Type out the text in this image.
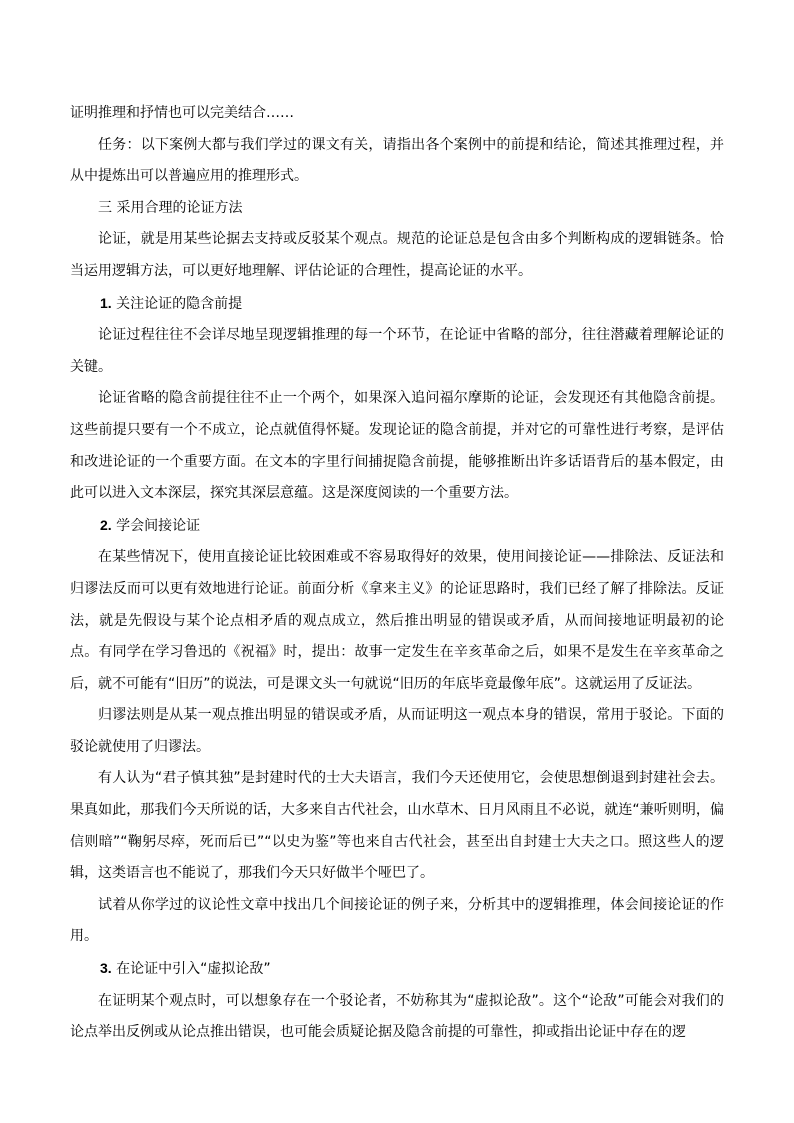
证明推理和抒情也可以完美结合……

任务：以下案例大都与我们学过的课文有关，请指出各个案例中的前提和结论，简述其推理过程，并从中提炼出可以普遍应用的推理形式。

三 采用合理的论证方法

论证，就是用某些论据去支持或反驳某个观点。规范的论证总是包含由多个判断构成的逻辑链条。恰当运用逻辑方法，可以更好地理解、评估论证的合理性，提高论证的水平。

1. 关注论证的隐含前提

论证过程往往不会详尽地呈现逻辑推理的每一个环节，在论证中省略的部分，往往潜藏着理解论证的关键。

论证省略的隐含前提往往不止一个两个，如果深入追问福尔摩斯的论证，会发现还有其他隐含前提。这些前提只要有一个不成立，论点就值得怀疑。发现论证的隐含前提，并对它的可靠性进行考察，是评估和改进论证的一个重要方面。在文本的字里行间捕捉隐含前提，能够推断出许多话语背后的基本假定，由此可以进入文本深层，探究其深层意蕴。这是深度阅读的一个重要方法。

2. 学会间接论证

在某些情况下，使用直接论证比较困难或不容易取得好的效果，使用间接论证——排除法、反证法和归谬法反而可以更有效地进行论证。前面分析《拿来主义》的论证思路时，我们已经了解了排除法。反证法，就是先假设与某个论点相矛盾的观点成立，然后推出明显的错误或矛盾，从而间接地证明最初的论点。有同学在学习鲁迅的《祝福》时，提出：故事一定发生在辛亥革命之后，如果不是发生在辛亥革命之后，就不可能有“旧历”的说法，可是课文头一句就说“旧历的年底毕竟最像年底”。这就运用了反证法。

归谬法则是从某一观点推出明显的错误或矛盾，从而证明这一观点本身的错误，常用于驳论。下面的驳论就使用了归谬法。

有人认为“君子慎其独”是封建时代的士大夫语言，我们今天还使用它，会使思想倒退到封建社会去。果真如此，那我们今天所说的话，大多来自古代社会，山水草木、日月风雨且不必说，就连“兼听则明，偏信则暗”“鞠躬尽瘁，死而后已”“以史为鉴”等也来自古代社会，甚至出自封建士大夫之口。照这些人的逻辑，这类语言也不能说了，那我们今天只好做半个哑巴了。

试着从你学过的议论性文章中找出几个间接论证的例子来，分析其中的逻辑推理，体会间接论证的作用。

3. 在论证中引入“虚拟论敌”

在证明某个观点时，可以想象存在一个驳论者，不妨称其为“虚拟论敌”。这个“论敌”可能会对我们的论点举出反例或从论点推出错误，也可能会质疑论据及隐含前提的可靠性，抑或指出论证中存在的逻
